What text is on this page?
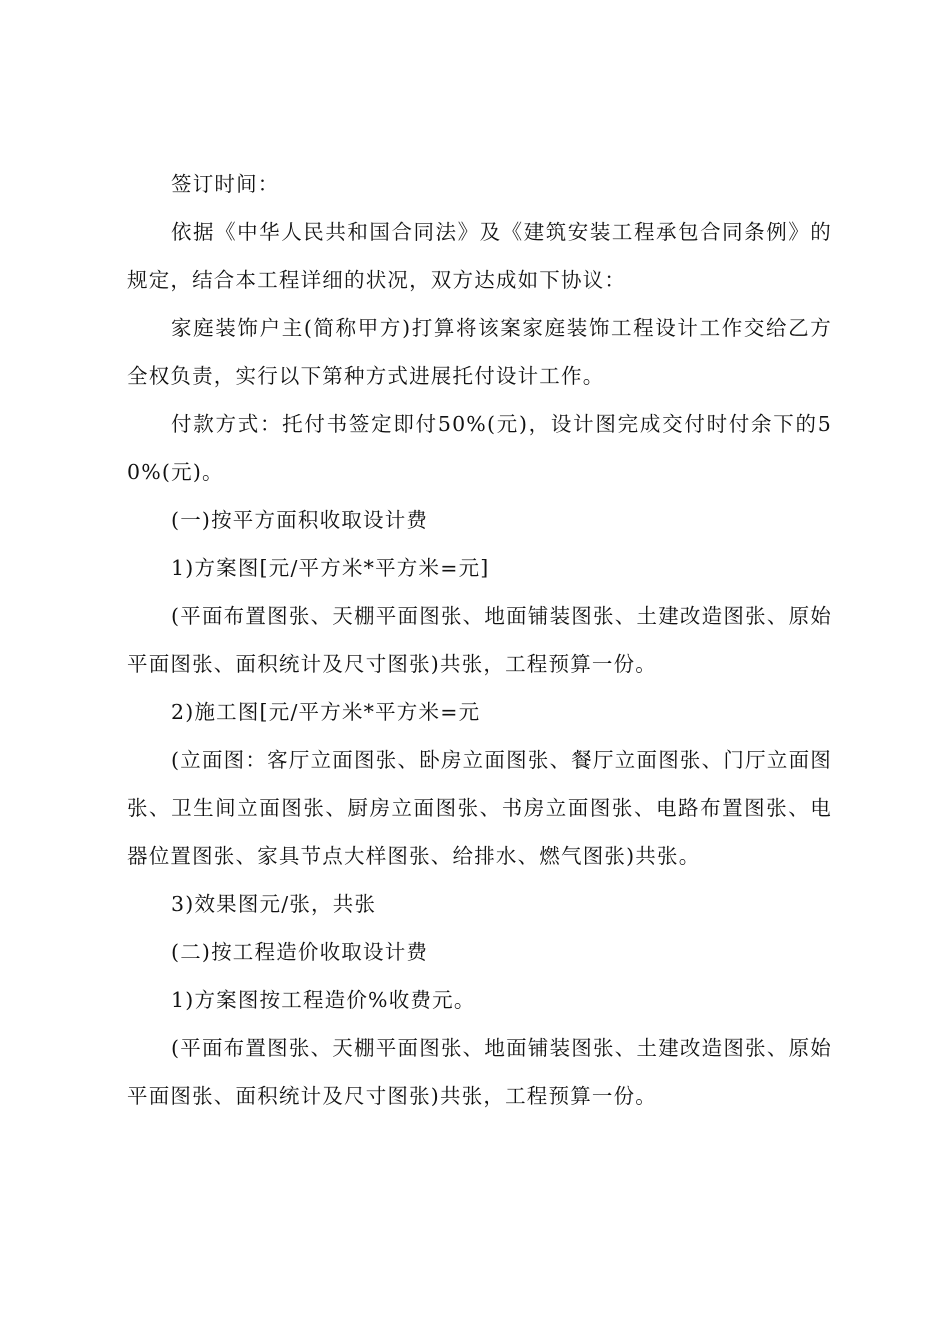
签订时间：

依据《中华人民共和国合同法》及《建筑安装工程承包合同条例》的规定，结合本工程详细的状况，双方达成如下协议：

家庭装饰户主(简称甲方)打算将该案家庭装饰工程设计工作交给乙方全权负责，实行以下第种方式进展托付设计工作。

付款方式：托付书签定即付50%(元)，设计图完成交付时付余下的50%(元)。

(一)按平方面积收取设计费

1)方案图[元/平方米*平方米=元]

(平面布置图张、天棚平面图张、地面铺装图张、土建改造图张、原始平面图张、面积统计及尺寸图张)共张，工程预算一份。

2)施工图[元/平方米*平方米=元

(立面图：客厅立面图张、卧房立面图张、餐厅立面图张、门厅立面图张、卫生间立面图张、厨房立面图张、书房立面图张、电路布置图张、电器位置图张、家具节点大样图张、给排水、燃气图张)共张。

3)效果图元/张，共张

(二)按工程造价收取设计费

1)方案图按工程造价%收费元。

(平面布置图张、天棚平面图张、地面铺装图张、土建改造图张、原始平面图张、面积统计及尺寸图张)共张，工程预算一份。
